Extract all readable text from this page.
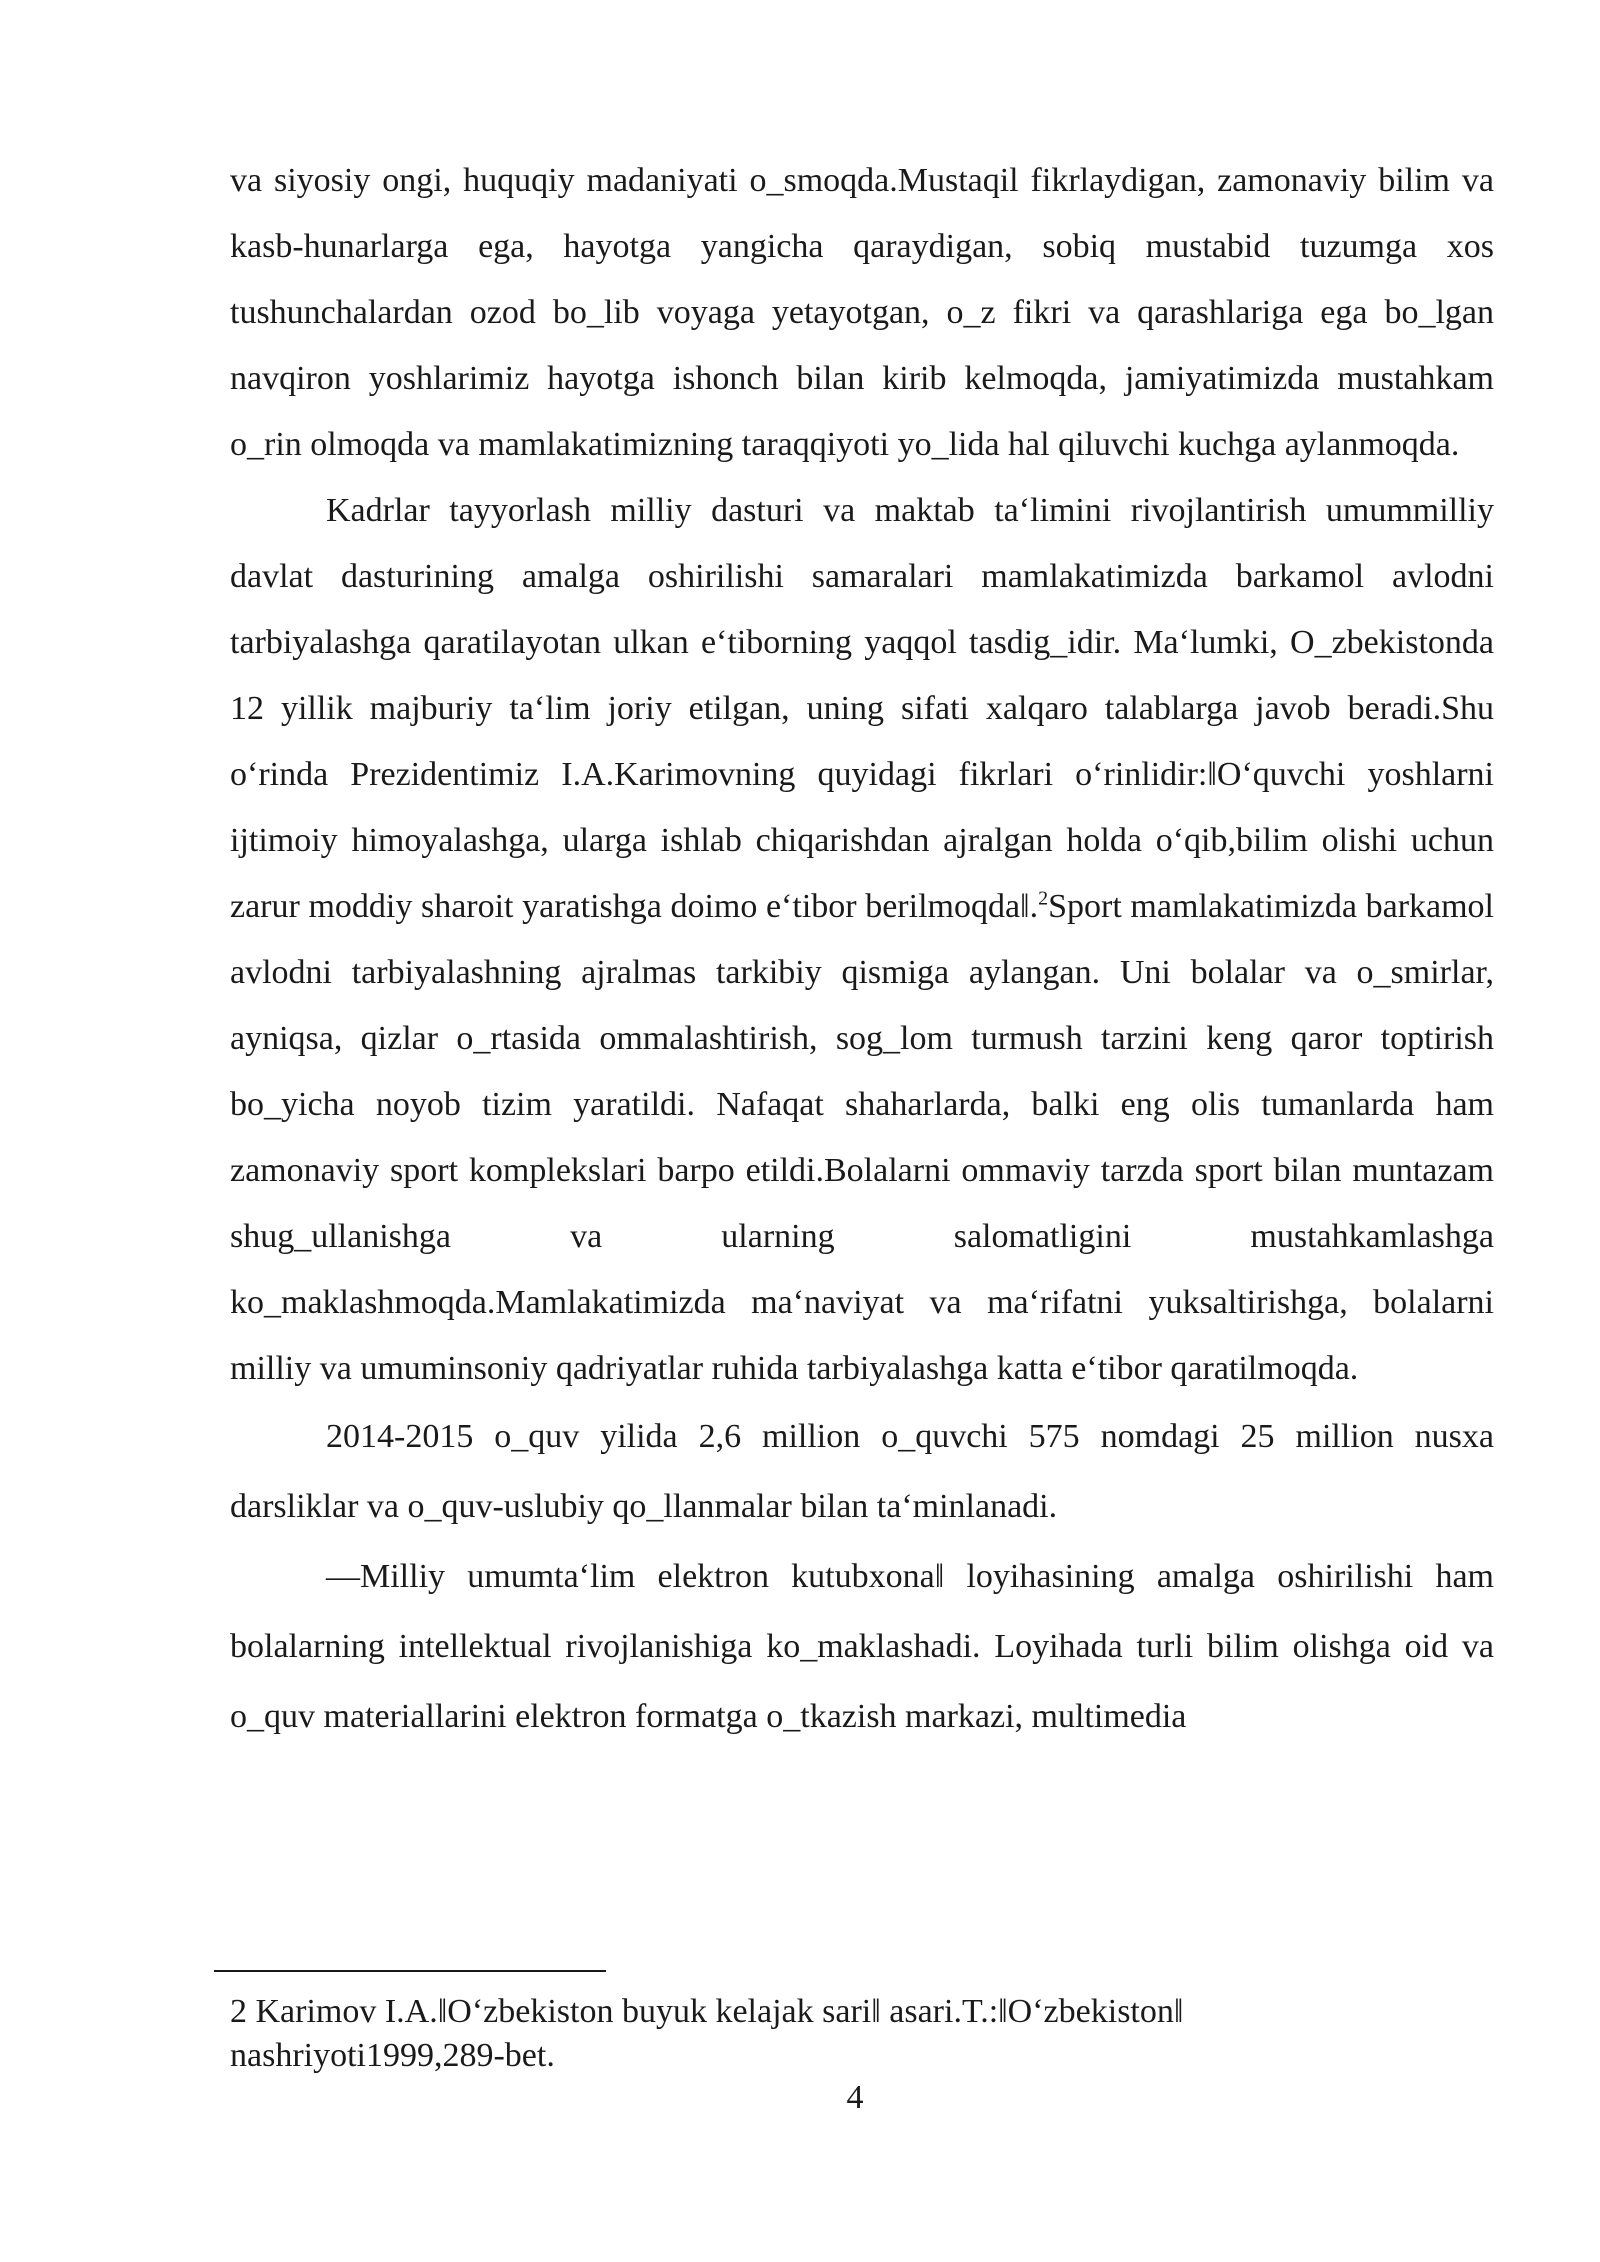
va siyosiy ongi, huquqiy madaniyati o_smoqda.Mustaqil fikrlaydigan, zamonaviy bilim va kasb-hunarlarga ega, hayotga yangicha qaraydigan, sobiq mustabid tuzumga xos tushunchalardan ozod bo_lib voyaga yetayotgan, o_z fikri va qarashlariga ega bo_lgan navqiron yoshlarimiz hayotga ishonch bilan kirib kelmoqda, jamiyatimizda mustahkam o_rin olmoqda va mamlakatimizning taraqqiyoti yo_lida hal qiluvchi kuchga aylanmoqda.

Kadrlar tayyorlash milliy dasturi va maktab ta‘limini rivojlantirish umummilliy davlat dasturining amalga oshirilishi samaralari mamlakatimizda barkamol avlodni tarbiyalashga qaratilayotan ulkan e‘tiborning yaqqol tasdig_idir. Ma‘lumki, O_zbekistonda 12 yillik majburiy ta‘lim joriy etilgan, uning sifati xalqaro talablarga javob beradi.Shu o‘rinda Prezidentimiz I.A.Karimovning quyidagi fikrlari o‘rinlidir:‖O‘quvchi yoshlarni ijtimoiy himoyalashga, ularga ishlab chiqarishdan ajralgan holda o‘qib,bilim olishi uchun zarur moddiy sharoit yaratishga doimo e‘tibor berilmoqda‖.$^2$Sport mamlakatimizda barkamol avlodni tarbiyalashning ajralmas tarkibiy qismiga aylangan. Uni bolalar va o_smirlar, ayniqsa, qizlar o_rtasida ommalashtirish, sog_lom turmush tarzini keng qaror toptirish bo_yicha noyob tizim yaratildi. Nafaqat shaharlarda, balki eng olis tumanlarda ham zamonaviy sport komplekslari barpo etildi.Bolalarni ommaviy tarzda sport bilan muntazam shug_ullanishga va ularning salomatligini mustahkamlashga ko_maklashmoqda.Mamlakatimizda ma‘naviyat va ma‘rifatni yuksaltirishga, bolalarni milliy va umuminsoniy qadriyatlar ruhida tarbiyalashga katta e‘tibor qaratilmoqda.

2014-2015 o_quv yilida 2,6 million o_quvchi 575 nomdagi 25 million nusxa darsliklar va o_quv-uslubiy qo_llanmalar bilan ta‘minlanadi.

―Milliy umumta‘lim elektron kutubxona‖ loyihasining amalga oshirilishi ham bolalarning intellektual rivojlanishiga ko_maklashadi. Loyihada turli bilim olishga oid va o_quv materiallarini elektron formatga o_tkazish markazi, multimedia

2 Karimov I.A.‖O‘zbekiston buyuk kelajak sari‖ asari.T.:‖O‘zbekiston‖ nashriyoti1999,289-bet.

4
